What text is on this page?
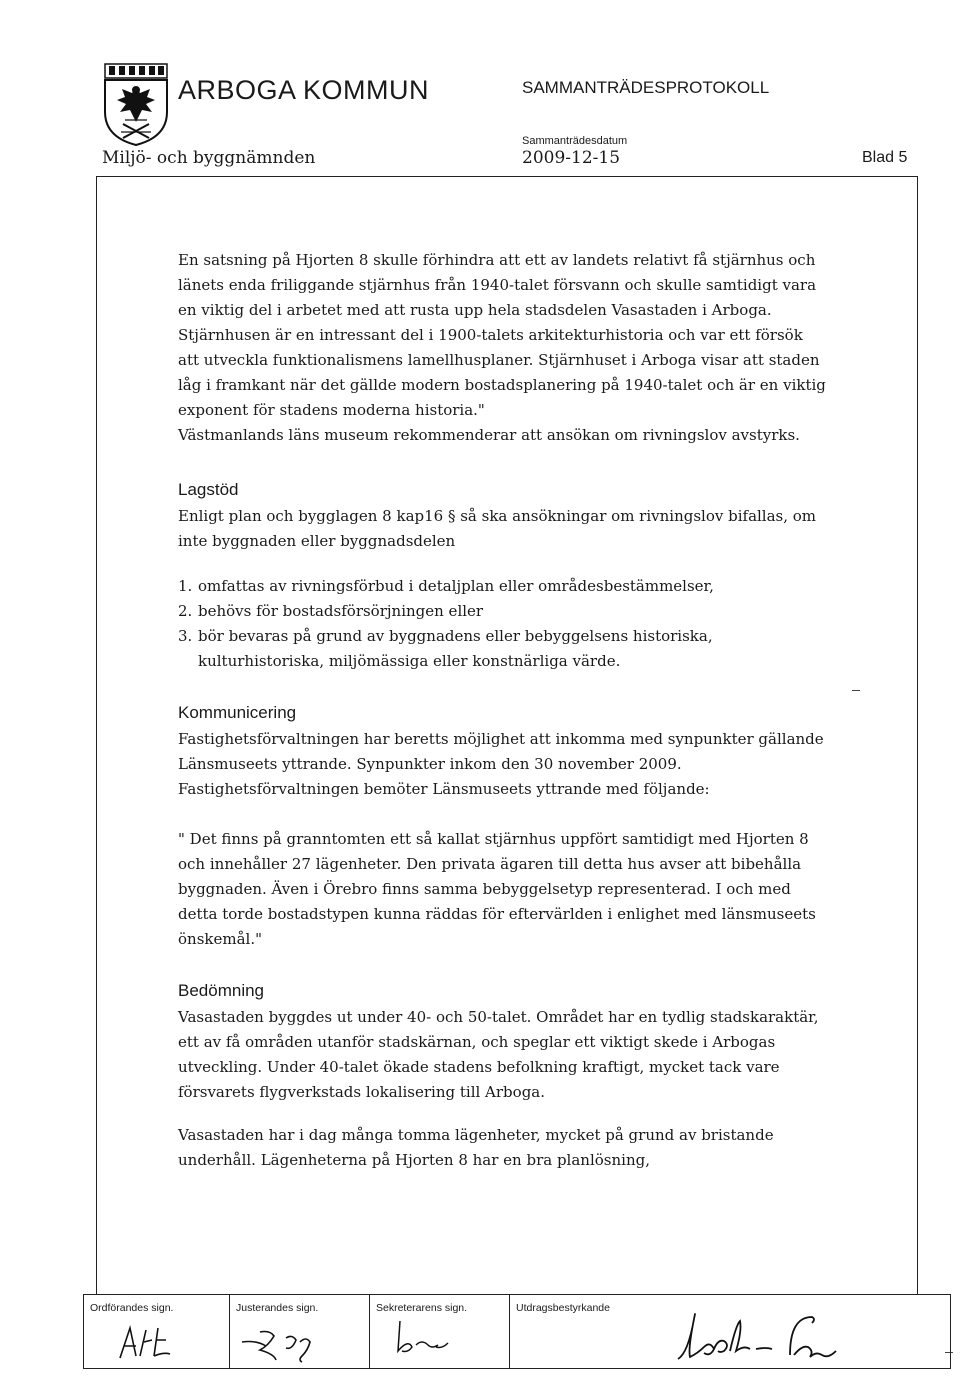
ARBOGA KOMMUN	SAMMANTRÄDESPROTOKOLL
Sammanträdesdatum
Miljö- och byggnämnden	2009-12-15	Blad 5

En satsning på Hjorten 8 skulle förhindra att ett av landets relativt få stjärnhus och länets enda friliggande stjärnhus från 1940-talet försvann och skulle samtidigt vara en viktig del i arbetet med att rusta upp hela stadsdelen Vasastaden i Arboga. Stjärnhusen är en intressant del i 1900-talets arkitekturhistoria och var ett försök att utveckla funktionalismens lamellhusplaner. Stjärnhuset i Arboga visar att staden låg i framkant när det gällde modern bostadsplanering på 1940-talet och är en viktig exponent för stadens moderna historia."

Västmanlands läns museum rekommenderar att ansökan om rivningslov avstyrks.

Lagstöd

Enligt plan och bygglagen 8 kap16 § så ska ansökningar om rivningslov bifallas, om inte byggnaden eller byggnadsdelen

1. omfattas av rivningsförbud i detaljplan eller områdesbestämmelser,
2. behövs för bostadsförsörjningen eller
3. bör bevaras på grund av byggnadens eller bebyggelsens historiska, kulturhistoriska, miljömässiga eller konstnärliga värde.
Kommunicering

Fastighetsförvaltningen har beretts möjlighet att inkomma med synpunkter gällande Länsmuseets yttrande. Synpunkter inkom den 30 november 2009. Fastighetsförvaltningen bemöter Länsmuseets yttrande med följande:

" Det finns på granntomten ett så kallat stjärnhus uppfört samtidigt med Hjorten 8 och innehåller 27 lägenheter. Den privata ägaren till detta hus avser att bibehålla byggnaden. Även i Örebro finns samma bebyggelsetyp representerad. I och med detta torde bostadstypen kunna räddas för eftervärlden i enlighet med länsmuseets önskemål."

Bedömning

Vasastaden byggdes ut under 40- och 50-talet. Området har en tydlig stadskaraktär, ett av få områden utanför stadskärnan, och speglar ett viktigt skede i Arbogas utveckling. Under 40-talet ökade stadens befolkning kraftigt, mycket tack vare försvarets flygverkstads lokalisering till Arboga.

Vasastaden har i dag många tomma lägenheter, mycket på grund av bristande underhåll. Lägenheterna på Hjorten 8 har en bra planlösning,

Ordförandes sign.	Justerandes sign.	Sekreterarens sign.	Utdragsbestyrkande
